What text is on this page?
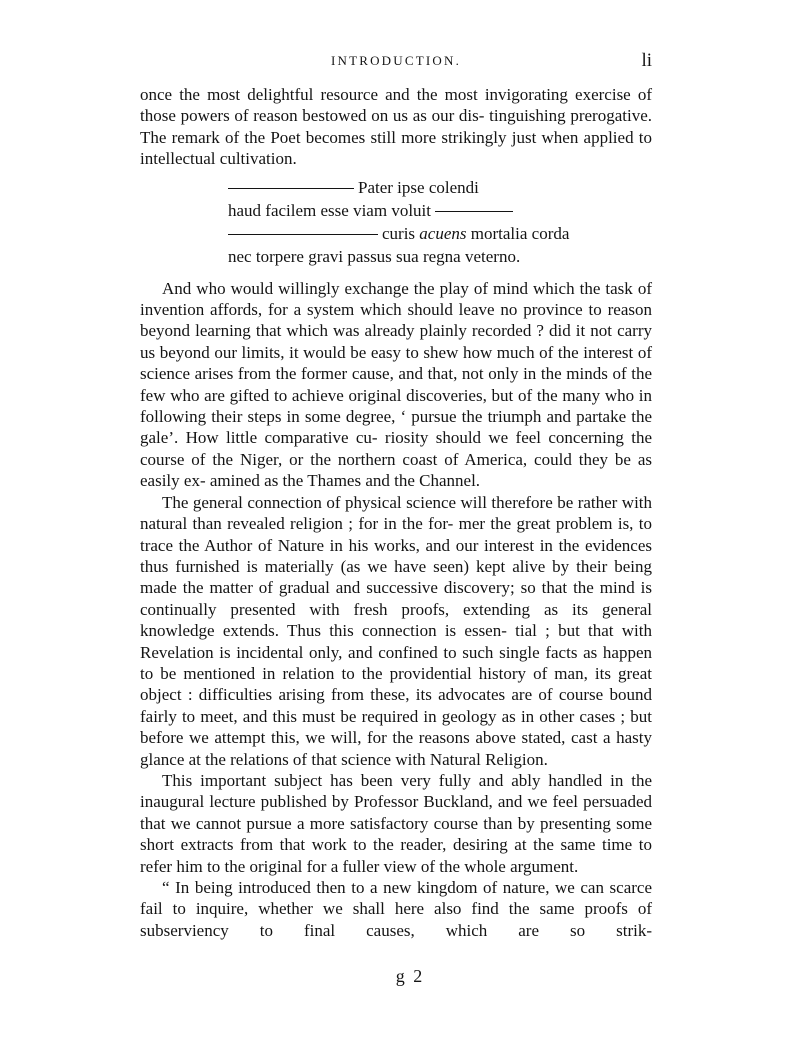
INTRODUCTION.	li

once the most delightful resource and the most invigorating exercise of those powers of reason bestowed on us as our dis- tinguishing prerogative. The remark of the Poet becomes still more strikingly just when applied to intellectual cultivation.

Pater ipse colendi
haud facilem esse viam voluit
curis acuens mortalia corda
nec torpere gravi passus sua regna veterno.

And who would willingly exchange the play of mind which the task of invention affords, for a system which should leave no province to reason beyond learning that which was already plainly recorded ? did it not carry us beyond our limits, it would be easy to shew how much of the interest of science arises from the former cause, and that, not only in the minds of the few who are gifted to achieve original discoveries, but of the many who in following their steps in some degree, ‘ pursue the triumph and partake the gale’. How little comparative cu- riosity should we feel concerning the course of the Niger, or the northern coast of America, could they be as easily ex- amined as the Thames and the Channel.

The general connection of physical science will therefore be rather with natural than revealed religion ; for in the for- mer the great problem is, to trace the Author of Nature in his works, and our interest in the evidences thus furnished is materially (as we have seen) kept alive by their being made the matter of gradual and successive discovery; so that the mind is continually presented with fresh proofs, extending as its general knowledge extends. Thus this connection is essen- tial ; but that with Revelation is incidental only, and confined to such single facts as happen to be mentioned in relation to the providential history of man, its great object : difficulties arising from these, its advocates are of course bound fairly to meet, and this must be required in geology as in other cases ; but before we attempt this, we will, for the reasons above stated, cast a hasty glance at the relations of that science with Natural Religion.

This important subject has been very fully and ably handled in the inaugural lecture published by Professor Buckland, and we feel persuaded that we cannot pursue a more satisfactory course than by presenting some short extracts from that work to the reader, desiring at the same time to refer him to the original for a fuller view of the whole argument.

“ In being introduced then to a new kingdom of nature, we can scarce fail to inquire, whether we shall here also find the same proofs of subserviency to final causes, which are so strik-

g 2
